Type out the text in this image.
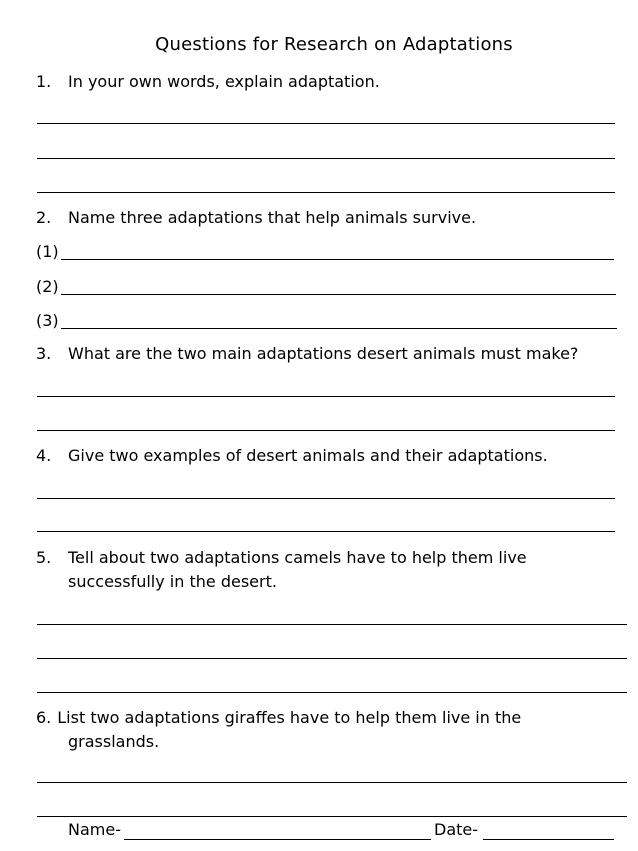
Questions for Research on Adaptations
1. In your own words, explain adaptation.
2. Name three adaptations that help animals survive.
(1)
(2)
(3)
3. What are the two main adaptations desert animals must make?
4. Give two examples of desert animals and their adaptations.
5. Tell about two adaptations camels have to help them live
successfully in the desert.
6. List two adaptations giraffes have to help them live in the
grasslands.
Name-	Date-
